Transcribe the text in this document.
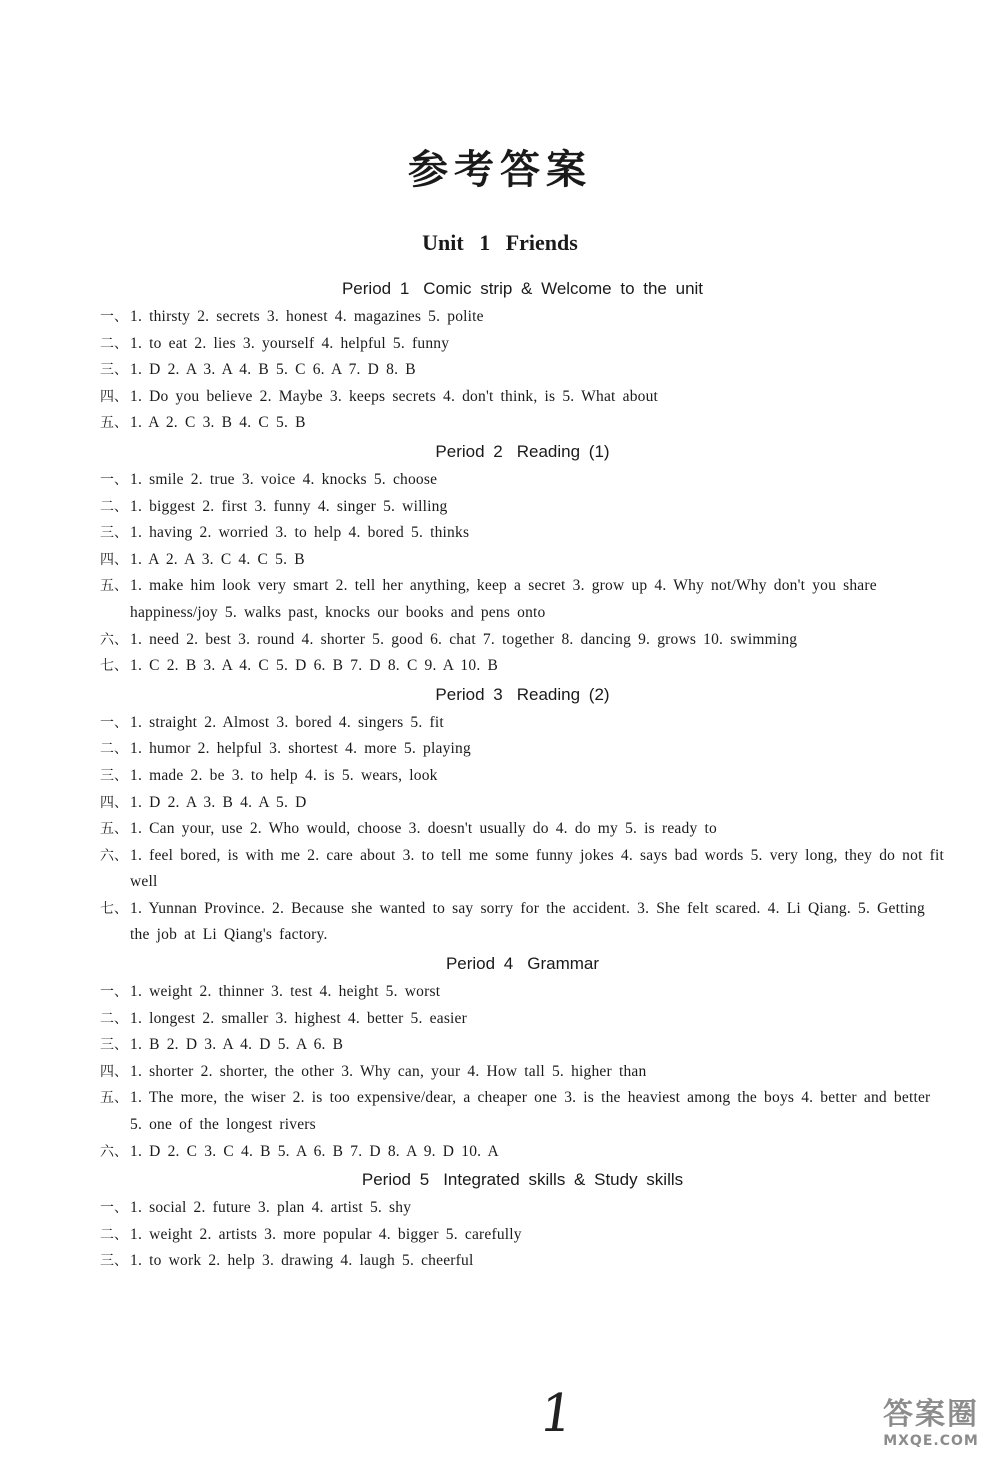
参考答案
Unit 1 Friends
Period 1 Comic strip & Welcome to the unit
一、 1. thirsty 2. secrets 3. honest 4. magazines 5. polite
二、 1. to eat 2. lies 3. yourself 4. helpful 5. funny
三、 1. D 2. A 3. A 4. B 5. C 6. A 7. D 8. B
四、 1. Do you believe 2. Maybe 3. keeps secrets 4. don't think, is 5. What about
五、 1. A 2. C 3. B 4. C 5. B
Period 2 Reading (1)
一、 1. smile 2. true 3. voice 4. knocks 5. choose
二、 1. biggest 2. first 3. funny 4. singer 5. willing
三、 1. having 2. worried 3. to help 4. bored 5. thinks
四、 1. A 2. A 3. C 4. C 5. B
五、 1. make him look very smart 2. tell her anything, keep a secret 3. grow up 4. Why not/Why don't you share happiness/joy 5. walks past, knocks our books and pens onto
六、 1. need 2. best 3. round 4. shorter 5. good 6. chat 7. together 8. dancing 9. grows 10. swimming
七、 1. C 2. B 3. A 4. C 5. D 6. B 7. D 8. C 9. A 10. B
Period 3 Reading (2)
一、 1. straight 2. Almost 3. bored 4. singers 5. fit
二、 1. humor 2. helpful 3. shortest 4. more 5. playing
三、 1. made 2. be 3. to help 4. is 5. wears, look
四、 1. D 2. A 3. B 4. A 5. D
五、 1. Can your, use 2. Who would, choose 3. doesn't usually do 4. do my 5. is ready to
六、 1. feel bored, is with me 2. care about 3. to tell me some funny jokes 4. says bad words 5. very long, they do not fit well
七、 1. Yunnan Province. 2. Because she wanted to say sorry for the accident. 3. She felt scared. 4. Li Qiang. 5. Getting the job at Li Qiang's factory.
Period 4 Grammar
一、 1. weight 2. thinner 3. test 4. height 5. worst
二、 1. longest 2. smaller 3. highest 4. better 5. easier
三、 1. B 2. D 3. A 4. D 5. A 6. B
四、 1. shorter 2. shorter, the other 3. Why can, your 4. How tall 5. higher than
五、 1. The more, the wiser 2. is too expensive/dear, a cheaper one 3. is the heaviest among the boys 4. better and better 5. one of the longest rivers
六、 1. D 2. C 3. C 4. B 5. A 6. B 7. D 8. A 9. D 10. A
Period 5 Integrated skills & Study skills
一、 1. social 2. future 3. plan 4. artist 5. shy
二、 1. weight 2. artists 3. more popular 4. bigger 5. carefully
三、 1. to work 2. help 3. drawing 4. laugh 5. cheerful
1	答案圈
MXQE.COM
